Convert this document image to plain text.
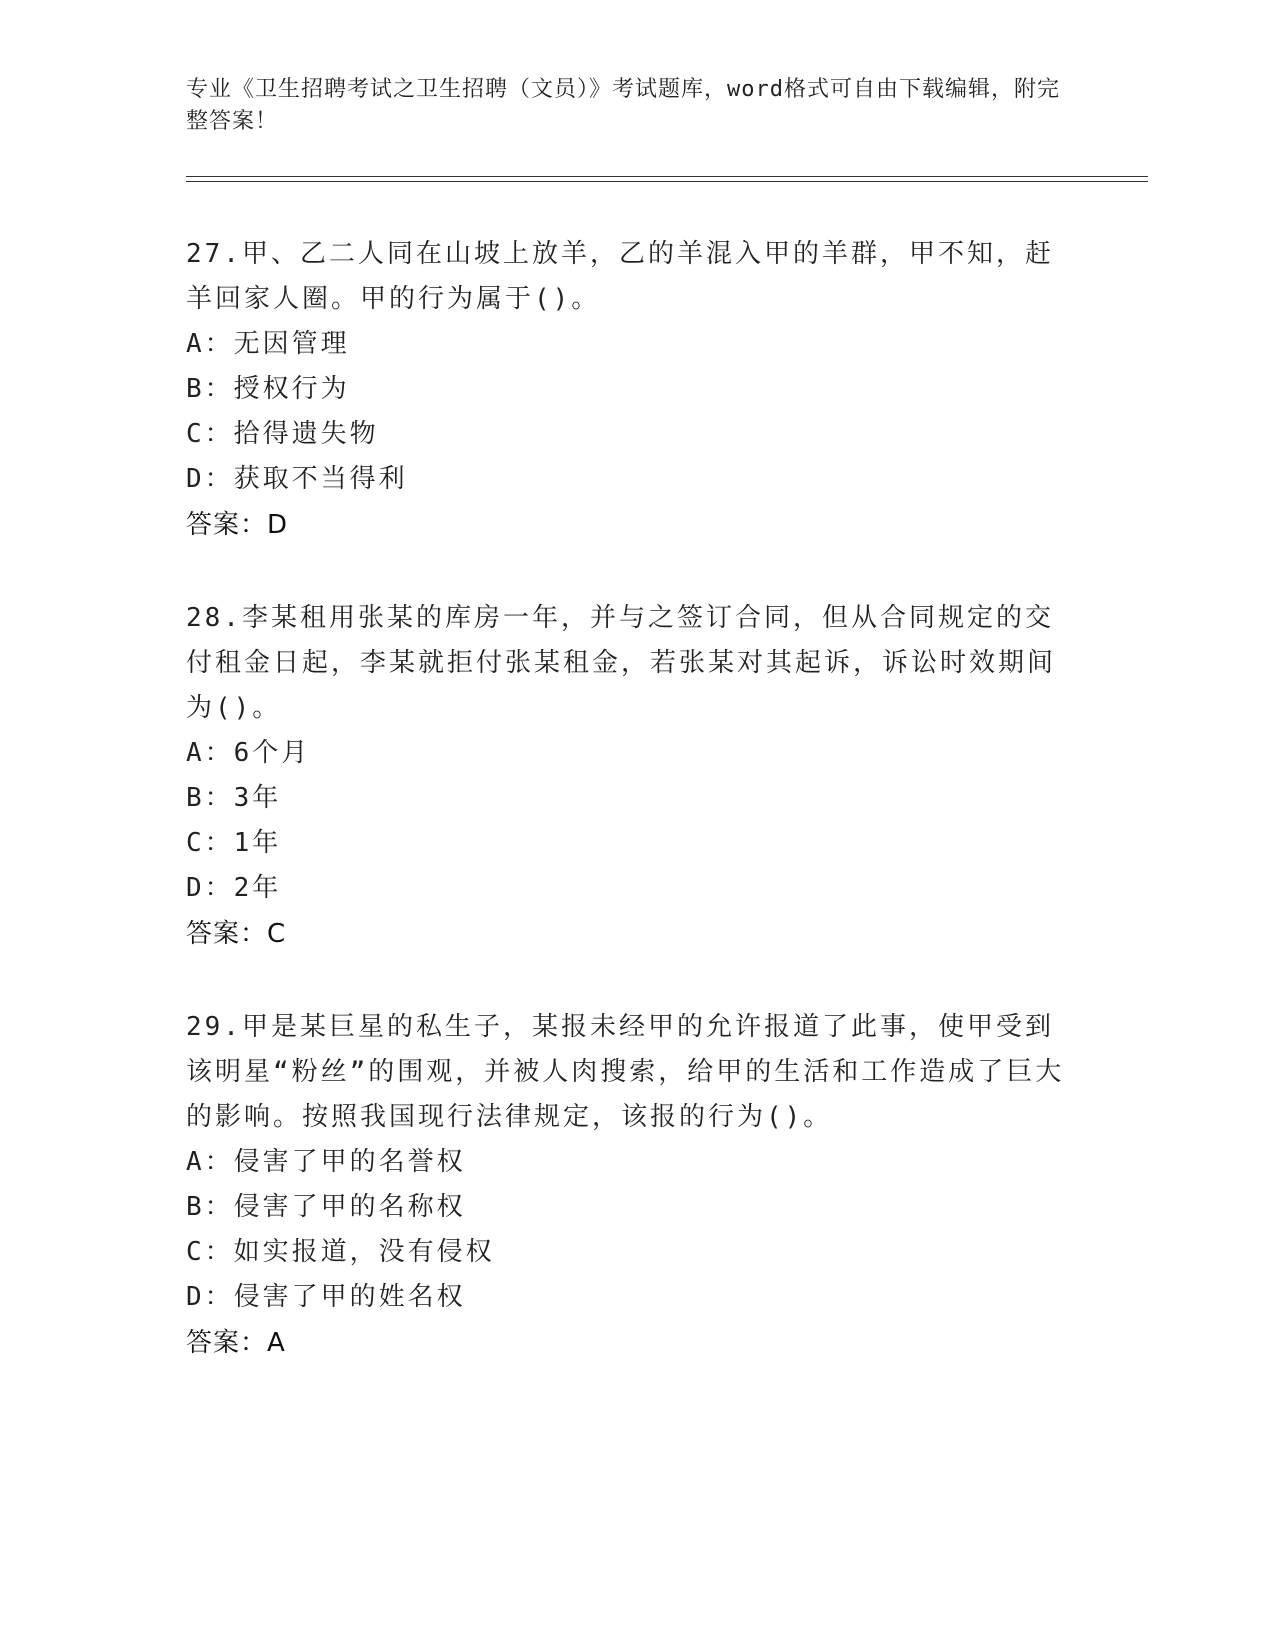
专业《卫生招聘考试之卫生招聘（文员）》考试题库，word格式可自由下载编辑，附完整答案！

27.甲、乙二人同在山坡上放羊，乙的羊混入甲的羊群，甲不知，赶羊回家人圈。甲的行为属于()。

A：无因管理

B：授权行为

C：拾得遗失物

D：获取不当得利

答案：D

28.李某租用张某的库房一年，并与之签订合同，但从合同规定的交付租金日起，李某就拒付张某租金，若张某对其起诉，诉讼时效期间为()。

A：6个月

B：3年

C：1年

D：2年

答案：C

29.甲是某巨星的私生子，某报未经甲的允许报道了此事，使甲受到该明星“粉丝”的围观，并被人肉搜索，给甲的生活和工作造成了巨大的影响。按照我国现行法律规定，该报的行为()。

A：侵害了甲的名誉权

B：侵害了甲的名称权

C：如实报道，没有侵权

D：侵害了甲的姓名权

答案：A
